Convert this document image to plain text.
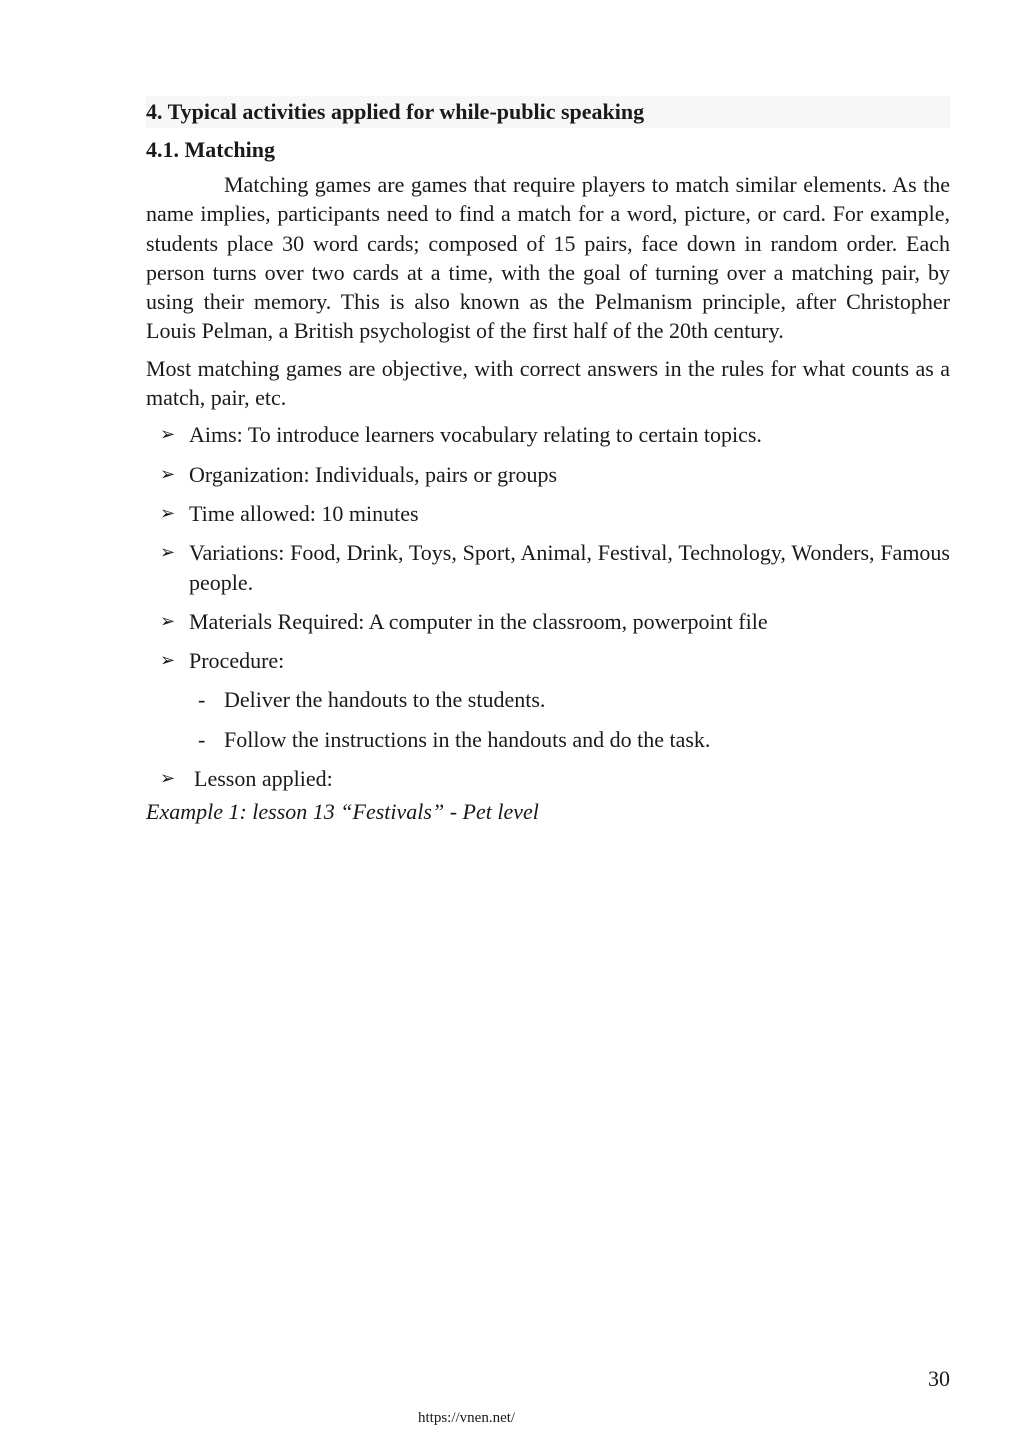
4. Typical activities applied for while-public speaking
4.1. Matching

Matching games are games that require players to match similar elements. As the name implies, participants need to find a match for a word, picture, or card. For example, students place 30 word cards; composed of 15 pairs, face down in random order. Each person turns over two cards at a time, with the goal of turning over a matching pair, by using their memory. This is also known as the Pelmanism principle, after Christopher Louis Pelman, a British psychologist of the first half of the 20th century.

Most matching games are objective, with correct answers in the rules for what counts as a match, pair, etc.

➢ Aims: To introduce learners vocabulary relating to certain topics.
➢ Organization: Individuals, pairs or groups
➢ Time allowed: 10 minutes
➢ Variations: Food, Drink, Toys, Sport, Animal, Festival, Technology, Wonders, Famous people.
➢ Materials Required: A computer in the classroom, powerpoint file
➢ Procedure:
- Deliver the handouts to the students.
- Follow the instructions in the handouts and do the task.
➢ Lesson applied:
Example 1: lesson 13 “Festivals” - Pet level
30
https://vnen.net/
